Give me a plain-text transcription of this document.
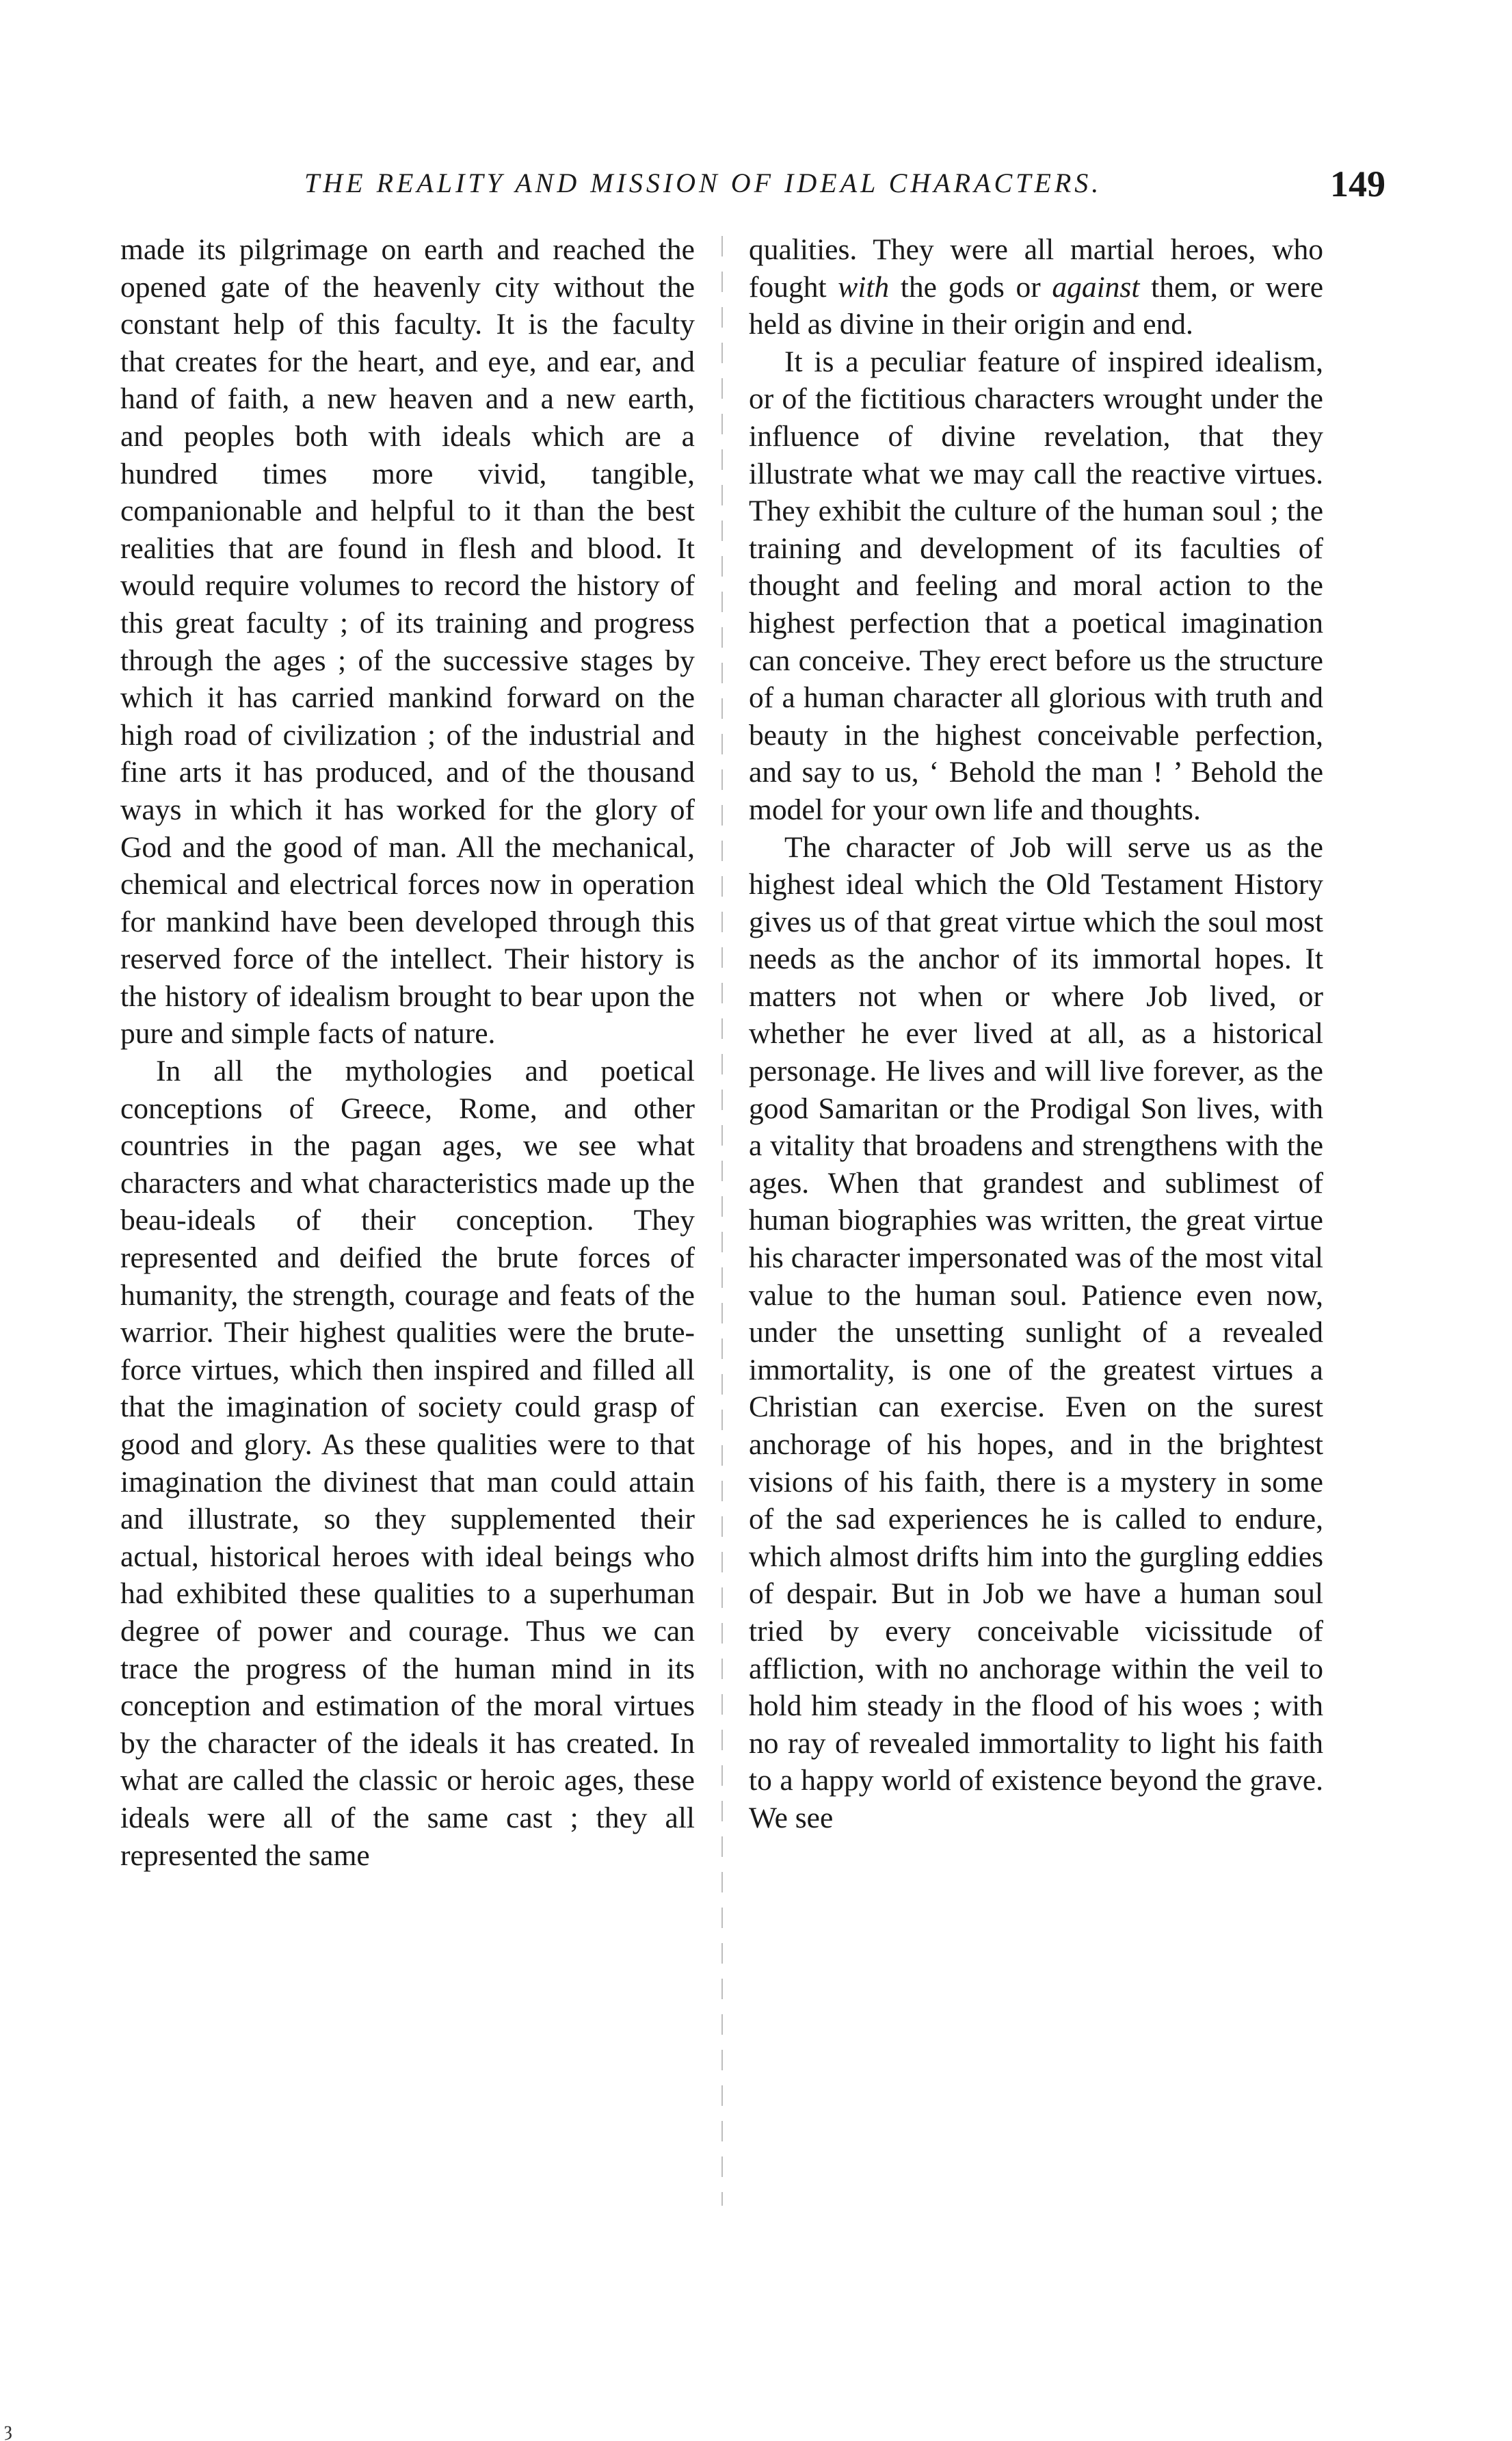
THE REALITY AND MISSION OF IDEAL CHARACTERS.	149

made its pilgrimage on earth and reached the opened gate of the heavenly city without the constant help of this faculty. It is the faculty that creates for the heart, and eye, and ear, and hand of faith, a new heaven and a new earth, and peoples both with ideals which are a hundred times more vivid, tangible, companionable and helpful to it than the best realities that are found in flesh and blood. It would require volumes to record the history of this great faculty ; of its training and progress through the ages ; of the successive stages by which it has carried mankind forward on the high road of civilization ; of the industrial and fine arts it has produced, and of the thousand ways in which it has worked for the glory of God and the good of man. All the mechanical, chemical and electrical forces now in operation for mankind have been developed through this reserved force of the intellect. Their history is the history of idealism brought to bear upon the pure and simple facts of nature.

In all the mythologies and poetical conceptions of Greece, Rome, and other countries in the pagan ages, we see what characters and what characteristics made up the beau-ideals of their conception. They represented and deified the brute forces of humanity, the strength, courage and feats of the warrior. Their highest qualities were the brute-force virtues, which then inspired and filled all that the imagination of society could grasp of good and glory. As these qualities were to that imagination the divinest that man could attain and illustrate, so they supplemented their actual, historical heroes with ideal beings who had exhibited these qualities to a superhuman degree of power and courage. Thus we can trace the progress of the human mind in its conception and estimation of the moral virtues by the character of the ideals it has created. In what are called the classic or heroic ages, these ideals were all of the same cast ; they all represented the same

qualities. They were all martial heroes, who fought with the gods or against them, or were held as divine in their origin and end.

It is a peculiar feature of inspired idealism, or of the fictitious characters wrought under the influence of divine revelation, that they illustrate what we may call the reactive virtues. They exhibit the culture of the human soul ; the training and development of its faculties of thought and feeling and moral action to the highest perfection that a poetical imagination can conceive. They erect before us the structure of a human character all glorious with truth and beauty in the highest conceivable perfection, and say to us, ‘ Behold the man ! ’ Behold the model for your own life and thoughts.

The character of Job will serve us as the highest ideal which the Old Testament History gives us of that great virtue which the soul most needs as the anchor of its immortal hopes. It matters not when or where Job lived, or whether he ever lived at all, as a historical personage. He lives and will live forever, as the good Samaritan or the Prodigal Son lives, with a vitality that broadens and strengthens with the ages. When that grandest and sublimest of human biographies was written, the great virtue his character impersonated was of the most vital value to the human soul. Patience even now, under the unsetting sunlight of a revealed immortality, is one of the greatest virtues a Christian can exercise. Even on the surest anchorage of his hopes, and in the brightest visions of his faith, there is a mystery in some of the sad experiences he is called to endure, which almost drifts him into the gurgling eddies of despair. But in Job we have a human soul tried by every conceivable vicissitude of affliction, with no anchorage within the veil to hold him steady in the flood of his woes ; with no ray of revealed immortality to light his faith to a happy world of existence beyond the grave. We see

ȝ
